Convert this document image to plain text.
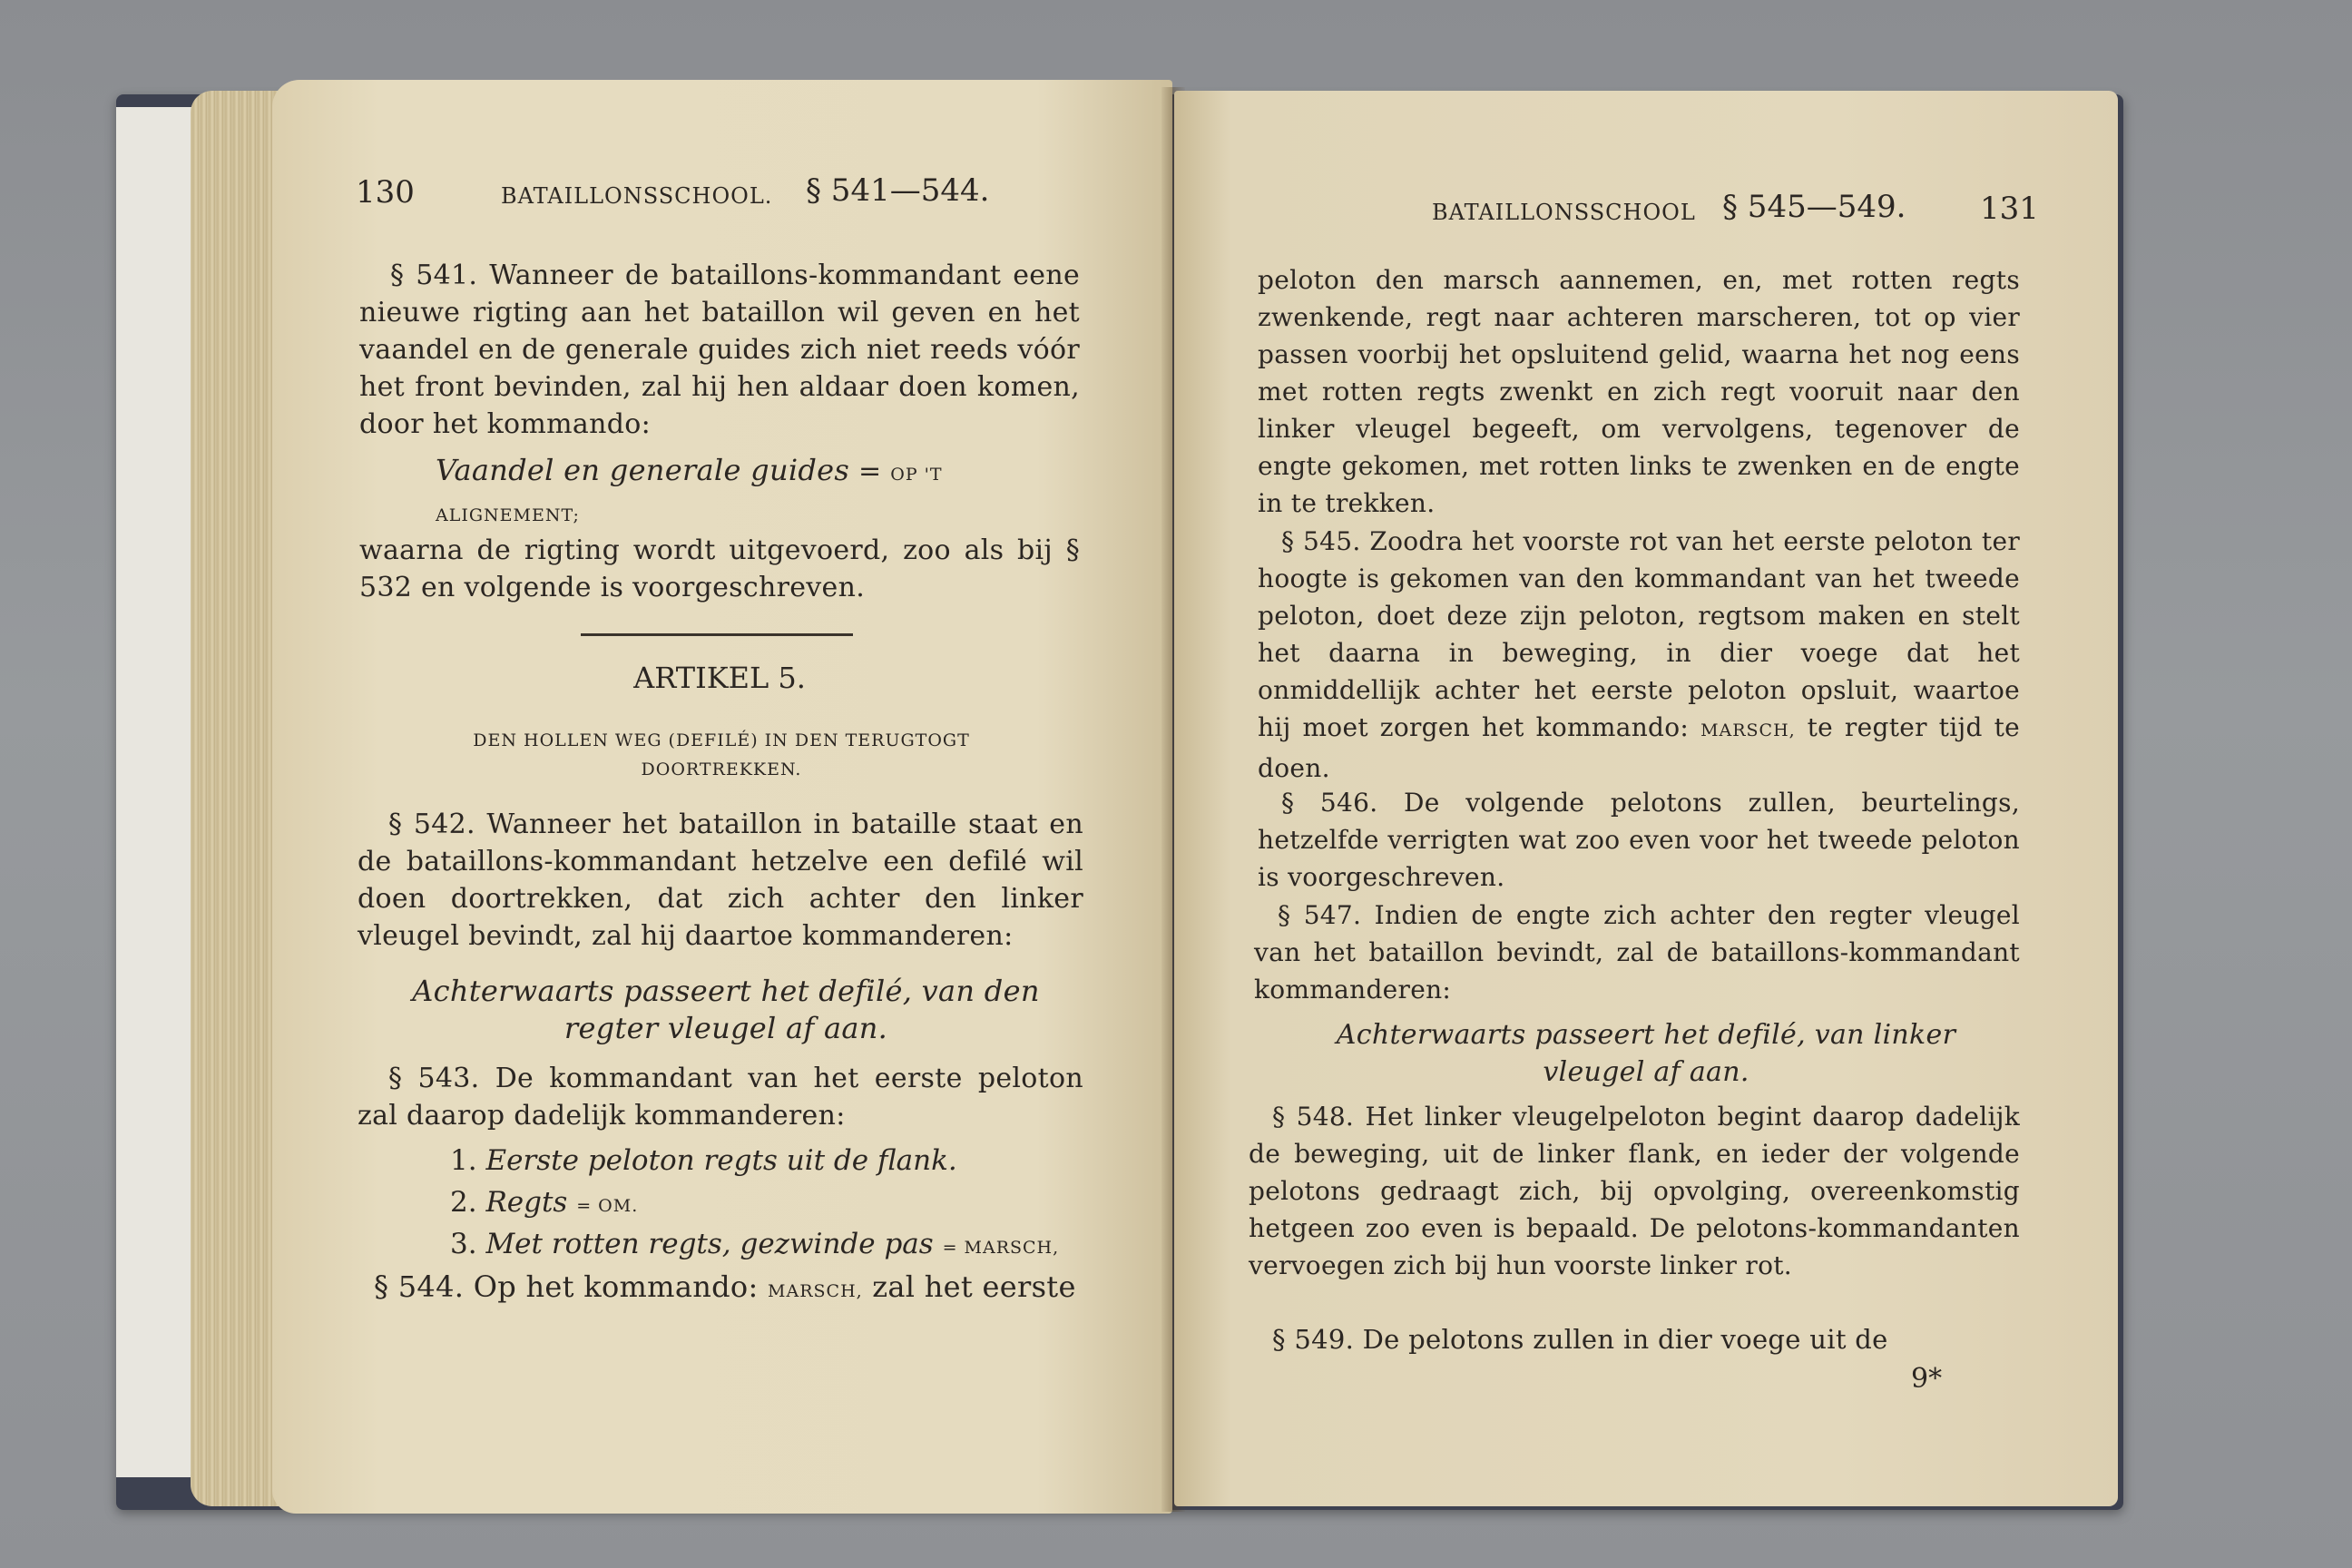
130	BATAILLONSSCHOOL. § 541—544.

§ 541. Wanneer de bataillons-kommandant eene nieuwe rigting aan het bataillon wil geven en het vaandel en de generale guides zich niet reeds vóór het front bevinden, zal hij hen aldaar doen komen, door het kommando:

Vaandel en generale guides = OP 'T ALIGNEMENT;

waarna de rigting wordt uitgevoerd, zoo als bij § 532 en volgende is voorgeschreven.

ARTIKEL 5.

DEN HOLLEN WEG (DEFILÉ) IN DEN TERUGTOGT DOORTREKKEN.

§ 542. Wanneer het bataillon in bataille staat en de bataillons-kommandant hetzelve een defilé wil doen doortrekken, dat zich achter den linker vleugel bevindt, zal hij daartoe kommanderen:

Achterwaarts passeert het defilé, van den regter vleugel af aan.

§ 543. De kommandant van het eerste peloton zal daarop dadelijk kommanderen:

1. Eerste peloton regts uit de flank.
2. Regts = OM.
3. Met rotten regts, gezwinde pas = MARSCH,

§ 544. Op het kommando: MARSCH, zal het eerste

BATAILLONSSCHOOL § 545—549. 131

peloton den marsch aannemen, en, met rotten regts zwenkende, regt naar achteren marscheren, tot op vier passen voorbij het opsluitend gelid, waarna het nog eens met rotten regts zwenkt en zich regt vooruit naar den linker vleugel begeeft, om vervolgens, tegenover de engte gekomen, met rotten links te zwenken en de engte in te trekken.

§ 545. Zoodra het voorste rot van het eerste peloton ter hoogte is gekomen van den kommandant van het tweede peloton, doet deze zijn peloton, regtsom maken en stelt het daarna in beweging, in dier voege dat het onmiddellijk achter het eerste peloton opsluit, waartoe hij moet zorgen het kommando: MARSCH, te regter tijd te doen.

§ 546. De volgende pelotons zullen, beurtelings, hetzelfde verrigten wat zoo even voor het tweede peloton is voorgeschreven.

§ 547. Indien de engte zich achter den regter vleugel van het bataillon bevindt, zal de bataillons-kommandant kommanderen:

Achterwaarts passeert het defilé, van linker vleugel af aan.

§ 548. Het linker vleugelpeloton begint daarop dadelijk de beweging, uit de linker flank, en ieder der volgende pelotons gedraagt zich, bij opvolging, overeenkomstig hetgeen zoo even is bepaald. De pelotons-kommandanten vervoegen zich bij hun voorste linker rot.

§ 549. De pelotons zullen in dier voege uit de

9*
